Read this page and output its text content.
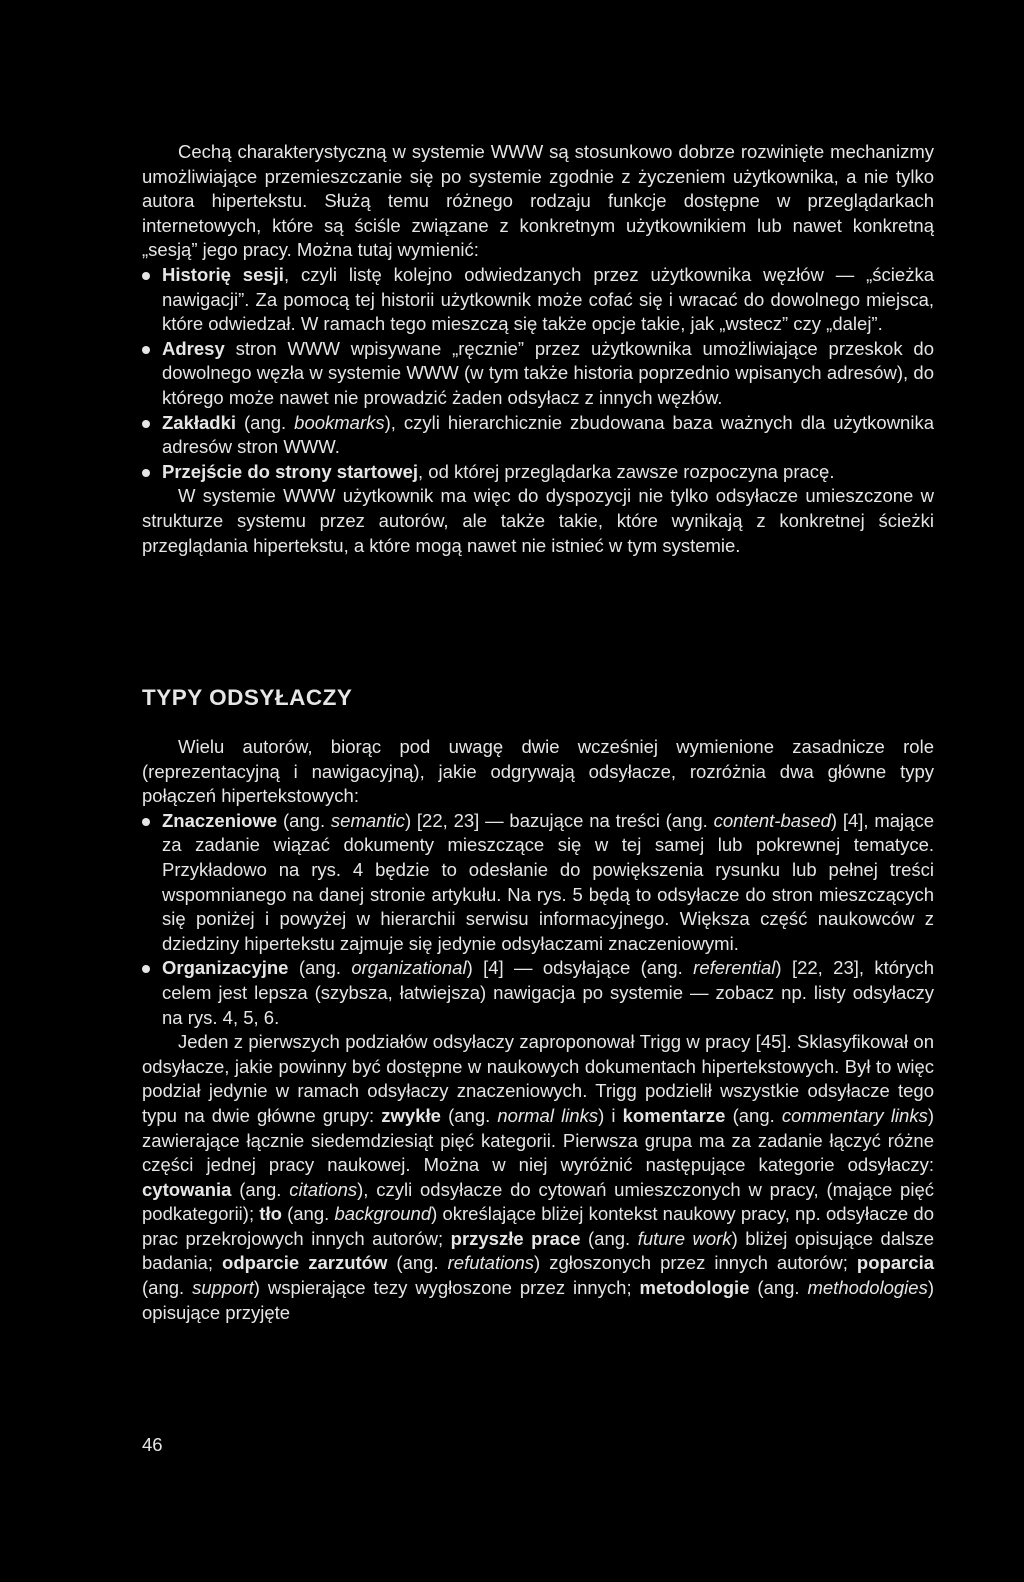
Cechą charakterystyczną w systemie WWW są stosunkowo dobrze rozwinięte mechanizmy umożliwiające przemieszczanie się po systemie zgodnie z życzeniem użytkownika, a nie tylko autora hipertekstu. Służą temu różnego rodzaju funkcje dostępne w przeglądarkach internetowych, które są ściśle związane z konkretnym użytkownikiem lub nawet konkretną „sesją” jego pracy. Można tutaj wymienić:

Historię sesji, czyli listę kolejno odwiedzanych przez użytkownika węzłów — „ścieżka nawigacji”. Za pomocą tej historii użytkownik może cofać się i wracać do dowolnego miejsca, które odwiedzał. W ramach tego mieszczą się także opcje takie, jak „wstecz” czy „dalej”.
Adresy stron WWW wpisywane „ręcznie” przez użytkownika umożliwiające przeskok do dowolnego węzła w systemie WWW (w tym także historia poprzednio wpisanych adresów), do którego może nawet nie prowadzić żaden odsyłacz z innych węzłów.
Zakładki (ang. bookmarks), czyli hierarchicznie zbudowana baza ważnych dla użytkownika adresów stron WWW.
Przejście do strony startowej, od której przeglądarka zawsze rozpoczyna pracę.

W systemie WWW użytkownik ma więc do dyspozycji nie tylko odsyłacze umieszczone w strukturze systemu przez autorów, ale także takie, które wynikają z konkretnej ścieżki przeglądania hipertekstu, a które mogą nawet nie istnieć w tym systemie.

TYPY ODSYŁACZY

Wielu autorów, biorąc pod uwagę dwie wcześniej wymienione zasadnicze role (reprezentacyjną i nawigacyjną), jakie odgrywają odsyłacze, rozróżnia dwa główne typy połączeń hipertekstowych:

Znaczeniowe (ang. semantic) [22, 23] — bazujące na treści (ang. content-based) [4], mające za zadanie wiązać dokumenty mieszczące się w tej samej lub pokrewnej tematyce. Przykładowo na rys. 4 będzie to odesłanie do powiększenia rysunku lub pełnej treści wspomnianego na danej stronie artykułu. Na rys. 5 będą to odsyłacze do stron mieszczących się poniżej i powyżej w hierarchii serwisu informacyjnego. Większa część naukowców z dziedziny hipertekstu zajmuje się jedynie odsyłaczami znaczeniowymi.
Organizacyjne (ang. organizational) [4] — odsyłające (ang. referential) [22, 23], których celem jest lepsza (szybsza, łatwiejsza) nawigacja po systemie — zobacz np. listy odsyłaczy na rys. 4, 5, 6.

Jeden z pierwszych podziałów odsyłaczy zaproponował Trigg w pracy [45]. Sklasyfikował on odsyłacze, jakie powinny być dostępne w naukowych dokumentach hipertekstowych. Był to więc podział jedynie w ramach odsyłaczy znaczeniowych. Trigg podzielił wszystkie odsyłacze tego typu na dwie główne grupy: zwykłe (ang. normal links) i komentarze (ang. commentary links) zawierające łącznie siedemdziesiąt pięć kategorii. Pierwsza grupa ma za zadanie łączyć różne części jednej pracy naukowej. Można w niej wyróżnić następujące kategorie odsyłaczy: cytowania (ang. citations), czyli odsyłacze do cytowań umieszczonych w pracy, (mające pięć podkategorii); tło (ang. background) określające bliżej kontekst naukowy pracy, np. odsyłacze do prac przekrojowych innych autorów; przyszłe prace (ang. future work) bliżej opisujące dalsze badania; odparcie zarzutów (ang. refutations) zgłoszonych przez innych autorów; poparcia (ang. support) wspierające tezy wygłoszone przez innych; metodologie (ang. methodologies) opisujące przyjęte

46
